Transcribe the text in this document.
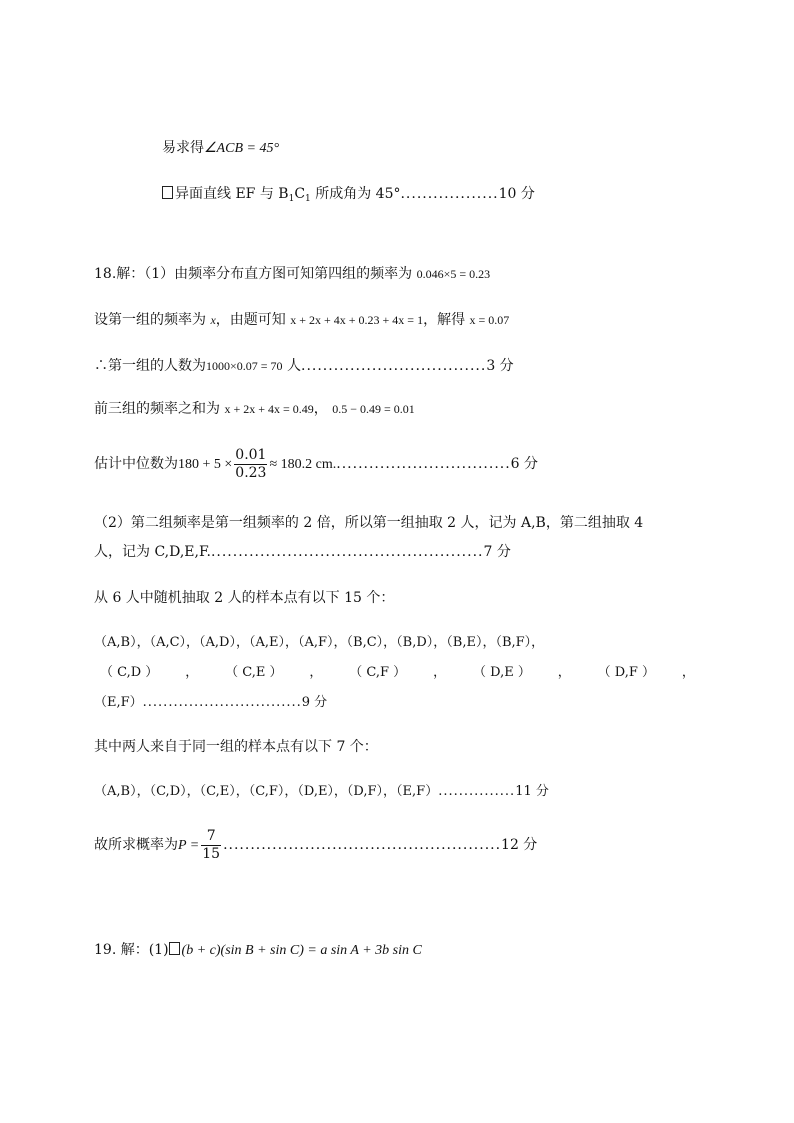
易求得∠ACB = 45°
异面直线 EF 与 $B_1C_1$ 所成角为 45°..................10 分
18.解：（1）由频率分布直方图可知第四组的频率为 0.046×5 = 0.23
设第一组的频率为 x，由题可知 x + 2x + 4x + 0.23 + 4x = 1，解得 x = 0.07
∴第一组的人数为1000×0.07 = 70 人..................................3 分
前三组的频率之和为 x + 2x + 4x = 0.49， 0.5 − 0.49 = 0.01
估计中位数为$180 + 5 \times \frac{0.01}{0.23} \approx 180.2$ cm.................................6 分
（2）第二组频率是第一组频率的 2 倍，所以第一组抽取 2 人，记为 A,B，第二组抽取 4
人，记为 C,D,E,F...................................................7 分
从 6 人中随机抽取 2 人的样本点有以下 15 个：
（A,B），（A,C），（A,D），（A,E），（A,F），（B,C），（B,D），（B,E），（B,F），
（ C,D ） ， （ C,E ） ， （ C,F ） ， （ D,E ） ， （ D,F ） ，
（E,F）...............................9 分
其中两人来自于同一组的样本点有以下 7 个：
（A,B），（C,D），（C,E），（C,F），（D,E），（D,F），（E,F）...............11 分
故所求概率为$P = \frac{7}{15} ...................................................12$ 分
19. 解：(1) (b + c)(sin B + sin C) = a sin A + 3b sin C
